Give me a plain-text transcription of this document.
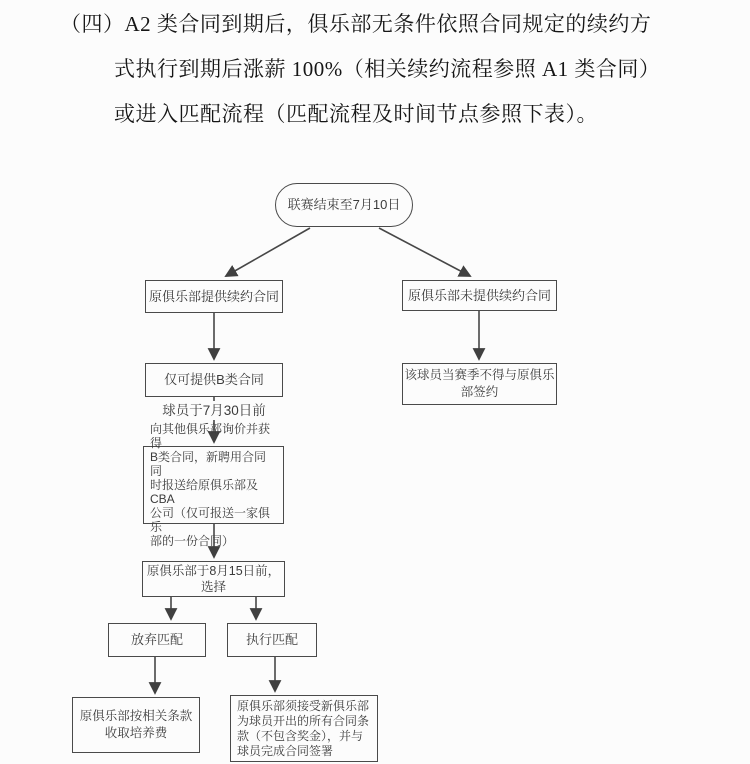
（四）A2 类合同到期后，俱乐部无条件依照合同规定的续约方
式执行到期后涨薪 100%（相关续约流程参照 A1 类合同）
或进入匹配流程（匹配流程及时间节点参照下表）。
联赛结束至7月10日
原俱乐部提供续约合同	原俱乐部未提供续约合同
仅可提供B类合同
球员于7月30日前
该球员当赛季不得与原俱乐
部签约
向其他俱乐部询价并获得
B类合同，新聘用合同同
时报送给原俱乐部及CBA
公司（仅可报送一家俱乐
部的一份合同）
原俱乐部于8月15日前，
选择
放弃匹配	执行匹配
原俱乐部按相关条款
收取培养费
原俱乐部须接受新俱乐部
为球员开出的所有合同条
款（不包含奖金），并与
球员完成合同签署
